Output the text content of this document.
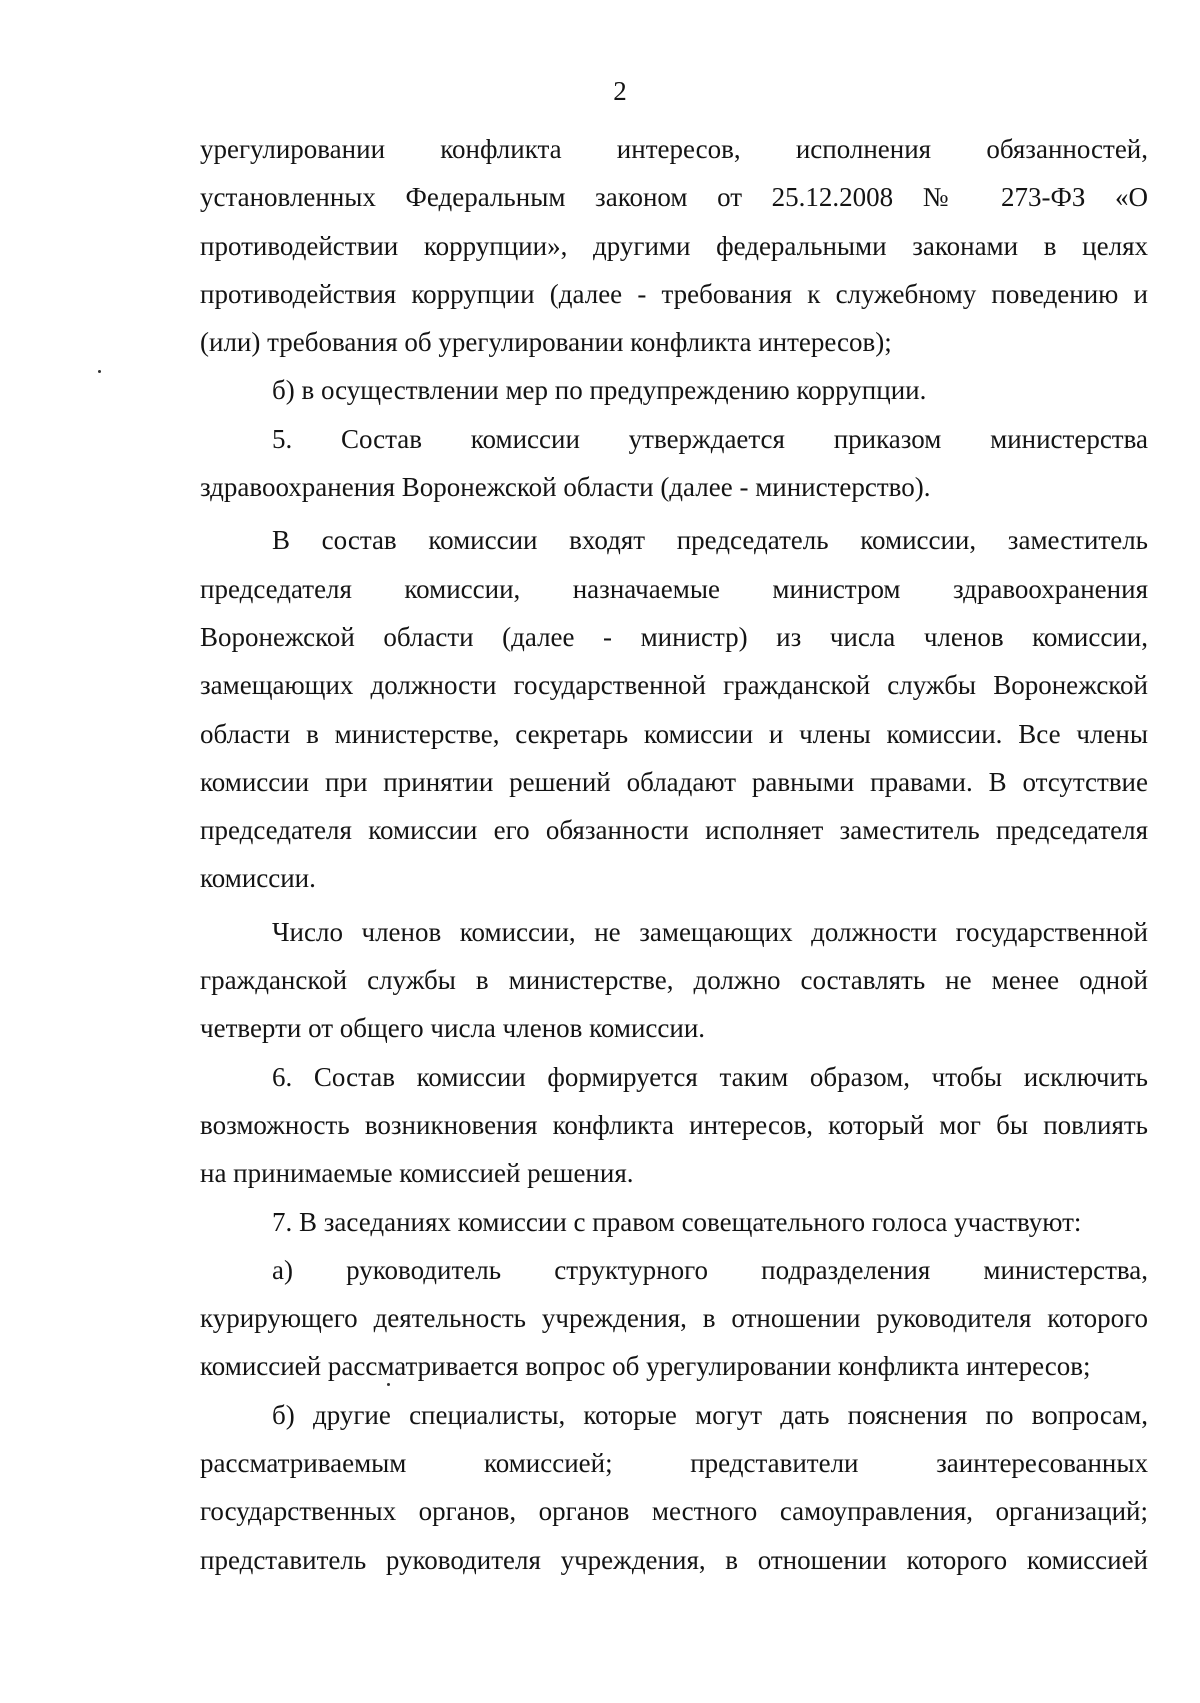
2
урегулировании конфликта интересов, исполнения обязанностей,
установленных Федеральным законом от 25.12.2008 № 273-ФЗ «О
противодействии коррупции», другими федеральными законами в целях
противодействия коррупции (далее - требования к служебному поведению и
(или) требования об урегулировании конфликта интересов);
б) в осуществлении мер по предупреждению коррупции.
5. Состав комиссии утверждается приказом министерства
здравоохранения Воронежской области (далее - министерство).
В состав комиссии входят председатель комиссии, заместитель
председателя комиссии, назначаемые министром здравоохранения
Воронежской области (далее - министр) из числа членов комиссии,
замещающих должности государственной гражданской службы Воронежской
области в министерстве, секретарь комиссии и члены комиссии. Все члены
комиссии при принятии решений обладают равными правами. В отсутствие
председателя комиссии его обязанности исполняет заместитель председателя
комиссии.
Число членов комиссии, не замещающих должности государственной
гражданской службы в министерстве, должно составлять не менее одной
четверти от общего числа членов комиссии.
6. Состав комиссии формируется таким образом, чтобы исключить
возможность возникновения конфликта интересов, который мог бы повлиять
на принимаемые комиссией решения.
7. В заседаниях комиссии с правом совещательного голоса участвуют:
а) руководитель структурного подразделения министерства,
курирующего деятельность учреждения, в отношении руководителя которого
комиссией рассматривается вопрос об урегулировании конфликта интересов;
б) другие специалисты, которые могут дать пояснения по вопросам,
рассматриваемым комиссией; представители заинтересованных
государственных органов, органов местного самоуправления, организаций;
представитель руководителя учреждения, в отношении которого комиссией
